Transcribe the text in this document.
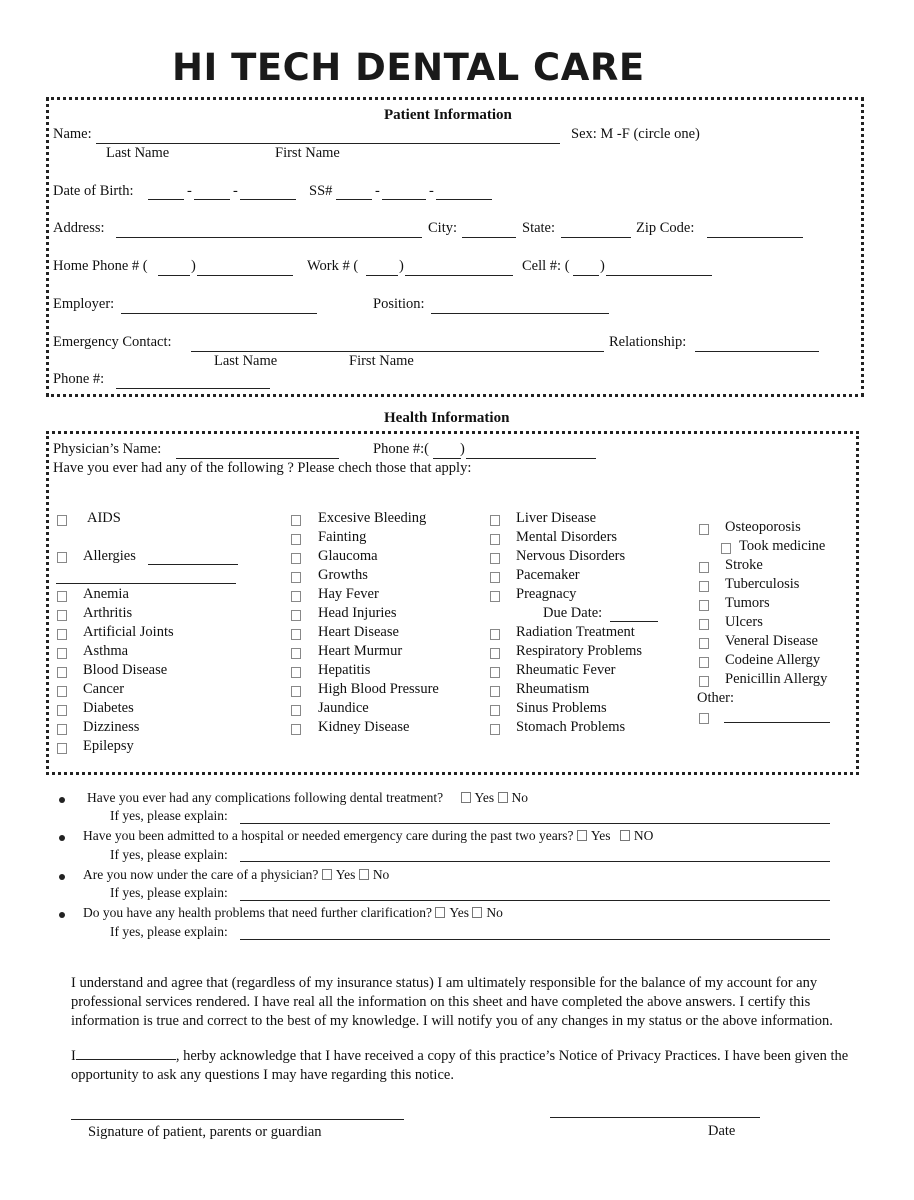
HI TECH DENTAL CARE
Patient Information
Name:	Sex: M -F (circle one)
Last Name	First Name
Date of Birth:	-	-	SS#	-	-
Address:	City:	State:	Zip Code:
Home Phone # (	)	Work # (	)	Cell #: ( )
Employer:	Position:
Emergency Contact:	Relationship:
Last Name	First Name
Phone #:
Health Information
Physician’s Name:	Phone #:( )
Have you ever had any of the following ? Please chech those that apply:
AIDS
Allergies
Anemia
Arthritis
Artificial Joints
Asthma
Blood Disease
Cancer
Diabetes
Dizziness
Epilepsy
Excesive Bleeding
Fainting
Glaucoma
Growths
Hay Fever
Head Injuries
Heart Disease
Heart Murmur
Hepatitis
High Blood Pressure
Jaundice
Kidney Disease
Liver Disease
Mental Disorders
Nervous Disorders
Pacemaker
Preagnacy
Due Date:
Radiation Treatment
Respiratory Problems
Rheumatic Fever
Rheumatism
Sinus Problems
Stomach Problems
Osteoporosis
Took medicine
Stroke
Tuberculosis
Tumors
Ulcers
Veneral Disease
Codeine Allergy
Penicillin Allergy
Other:
Have you ever had any complications following dental treatment? Yes No
If yes, please explain:
Have you been admitted to a hospital or needed emergency care during the past two years? Yes NO
If yes, please explain:
Are you now under the care of a physician? Yes No
If yes, please explain:
Do you have any health problems that need further clarification? Yes No
If yes, please explain:
I understand and agree that (regardless of my insurance status) I am ultimately responsible for the balance of my account for any professional services rendered. I have real all the information on this sheet and have completed the above answers. I certify this information is true and correct to the best of my knowledge. I will notify you of any changes in my status or the above information.
I	, herby acknowledge that I have received a copy of this practice’s Notice of Privacy Practices. I have been given the opportunity to ask any questions I may have regarding this notice.
Signature of patient, parents or guardian	Date
